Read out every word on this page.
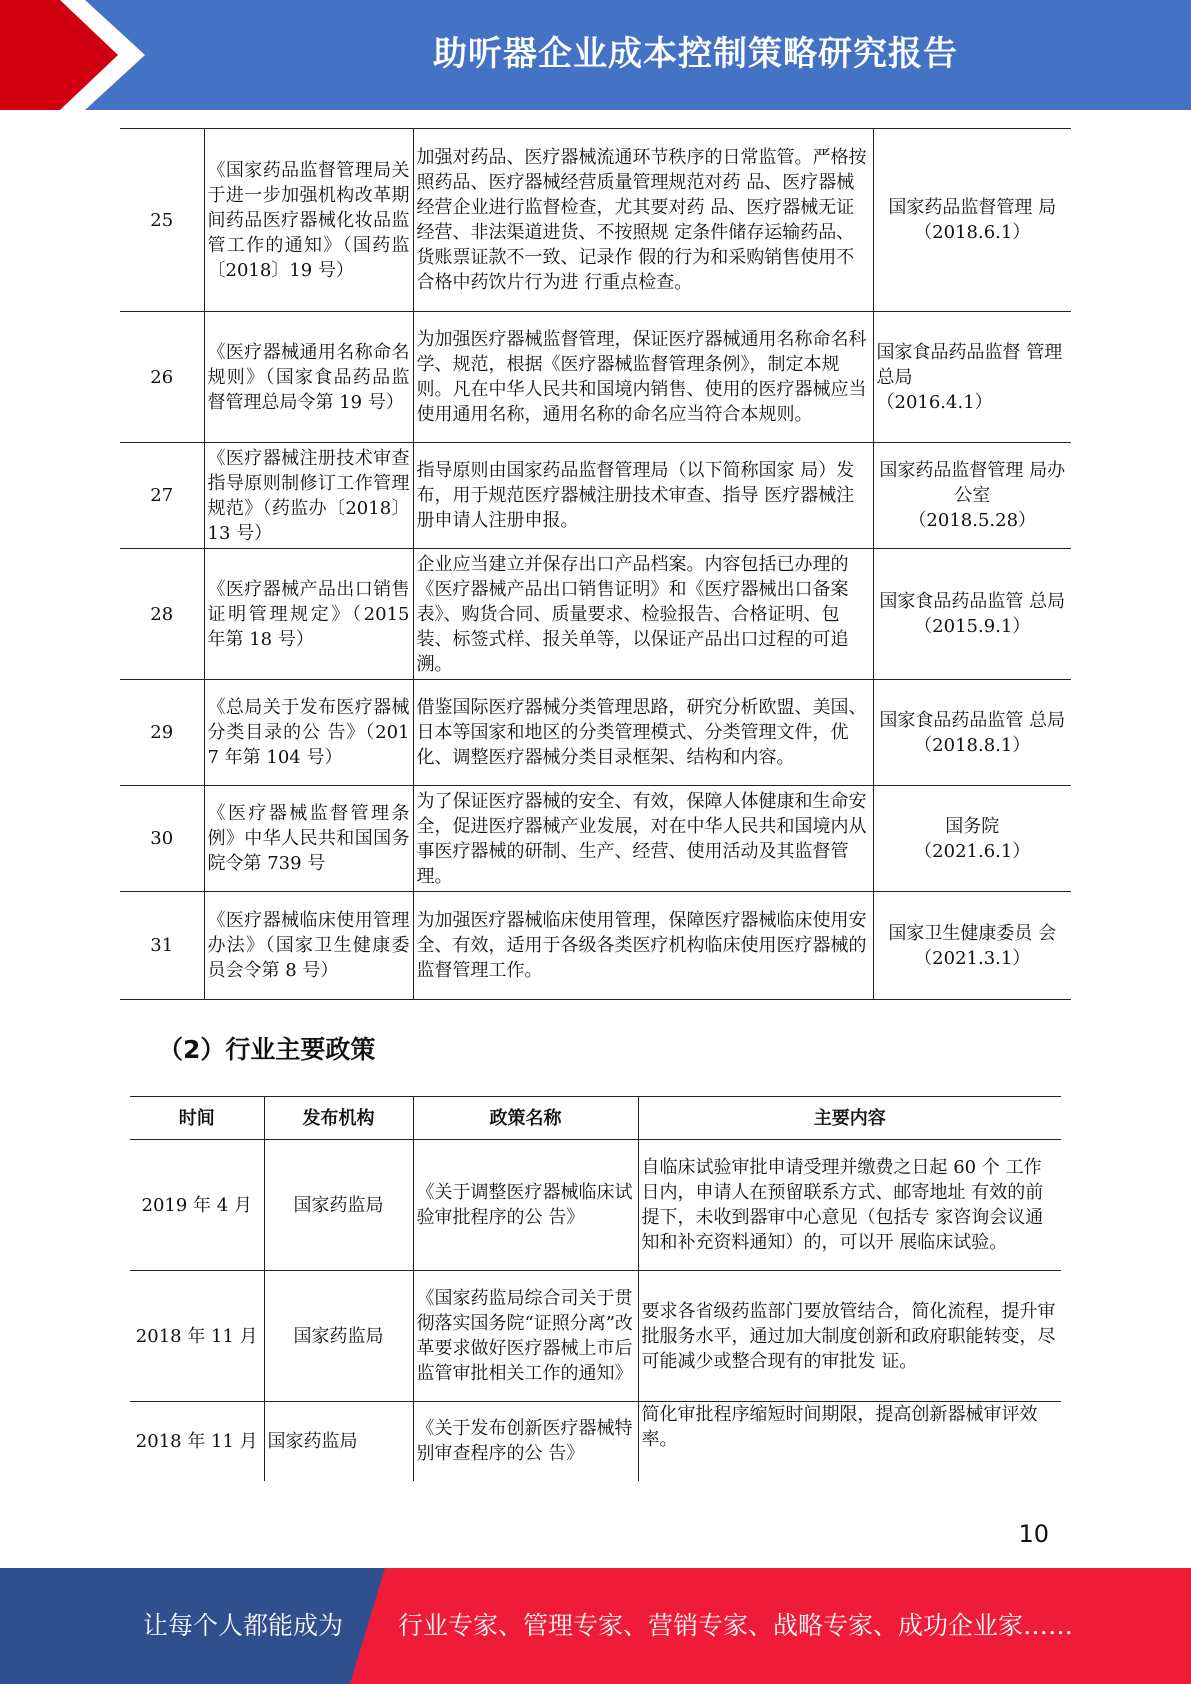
助听器企业成本控制策略研究报告
25	《国家药品监督管理局关于进一步加强机构改革期间药品医疗器械化妆品监管工作的通知》（国药监〔2018〕19 号）	加强对药品、医疗器械流通环节秩序的日常监管。严格按照药品、医疗器械经营质量管理规范对药 品、医疗器械经营企业进行监督检查，尤其要对药 品、医疗器械无证经营、非法渠道进货、不按照规 定条件储存运输药品、货账票证款不一致、记录作 假的行为和采购销售使用不合格中药饮片行为进 行重点检查。	国家药品监督管理 局
（2018.6.1）

26	《医疗器械通用名称命名规则》（国家食品药品监督管理总局令第 19 号）	为加强医疗器械监督管理，保证医疗器械通用名称命名科学、规范，根据《医疗器械监督管理条例》，制定本规则。凡在中华人民共和国境内销售、使用的医疗器械应当使用通用名称，通用名称的命名应当符合本规则。	国家食品药品监督 管理总局
（2016.4.1）

27	《医疗器械注册技术审查指导原则制修订工作管理规范》（药监办〔2018〕13 号）	指导原则由国家药品监督管理局（以下简称国家 局）发布，用于规范医疗器械注册技术审查、指导 医疗器械注册申请人注册申报。	国家药品监督管理 局办公室
（2018.5.28）

28	《医疗器械产品出口销售证明管理规定》（2015 年第 18 号）	企业应当建立并保存出口产品档案。内容包括已办理的《医疗器械产品出口销售证明》和《医疗器械出口备案表》、购货合同、质量要求、检验报告、合格证明、包装、标签式样、报关单等，以保证产品出口过程的可追溯。	国家食品药品监管 总局
（2015.9.1）

29	《总局关于发布医疗器械分类目录的公 告》（2017 年第 104 号）	借鉴国际医疗器械分类管理思路，研究分析欧盟、美国、日本等国家和地区的分类管理模式、分类管理文件，优化、调整医疗器械分类目录框架、结构和内容。	国家食品药品监管 总局
（2018.8.1）

30	《医疗器械监督管理条例》中华人民共和国国务院令第 739 号	为了保证医疗器械的安全、有效，保障人体健康和生命安全，促进医疗器械产业发展，对在中华人民共和国境内从事医疗器械的研制、生产、经营、使用活动及其监督管理。	国务院
（2021.6.1）

31	《医疗器械临床使用管理办法》（国家卫生健康委员会令第 8 号）	为加强医疗器械临床使用管理，保障医疗器械临床使用安全、有效，适用于各级各类医疗机构临床使用医疗器械的监督管理工作。	国家卫生健康委员 会
（2021.3.1）
（2）行业主要政策
时间	发布机构	政策名称	主要内容
2019 年 4 月	国家药监局	《关于调整医疗器械临床试验审批程序的公 告》	自临床试验审批申请受理并缴费之日起 60 个 工作日内，申请人在预留联系方式、邮寄地址 有效的前提下，未收到器审中心意见（包括专 家咨询会议通知和补充资料通知）的，可以开 展临床试验。
2018 年 11 月	国家药监局	《国家药监局综合司关于贯彻落实国务院“证照分离”改革要求做好医疗器械上市后监管审批相关工作的通知》	要求各省级药监部门要放管结合，简化流程，提升审批服务水平，通过加大制度创新和政府职能转变，尽可能减少或整合现有的审批发 证。
2018 年 11 月	国家药监局	《关于发布创新医疗器械特别审查程序的公 告》	简化审批程序缩短时间期限，提高创新器械审评效率。
10
让每个人都能成为 行业专家、管理专家、营销专家、战略专家、成功企业家……
